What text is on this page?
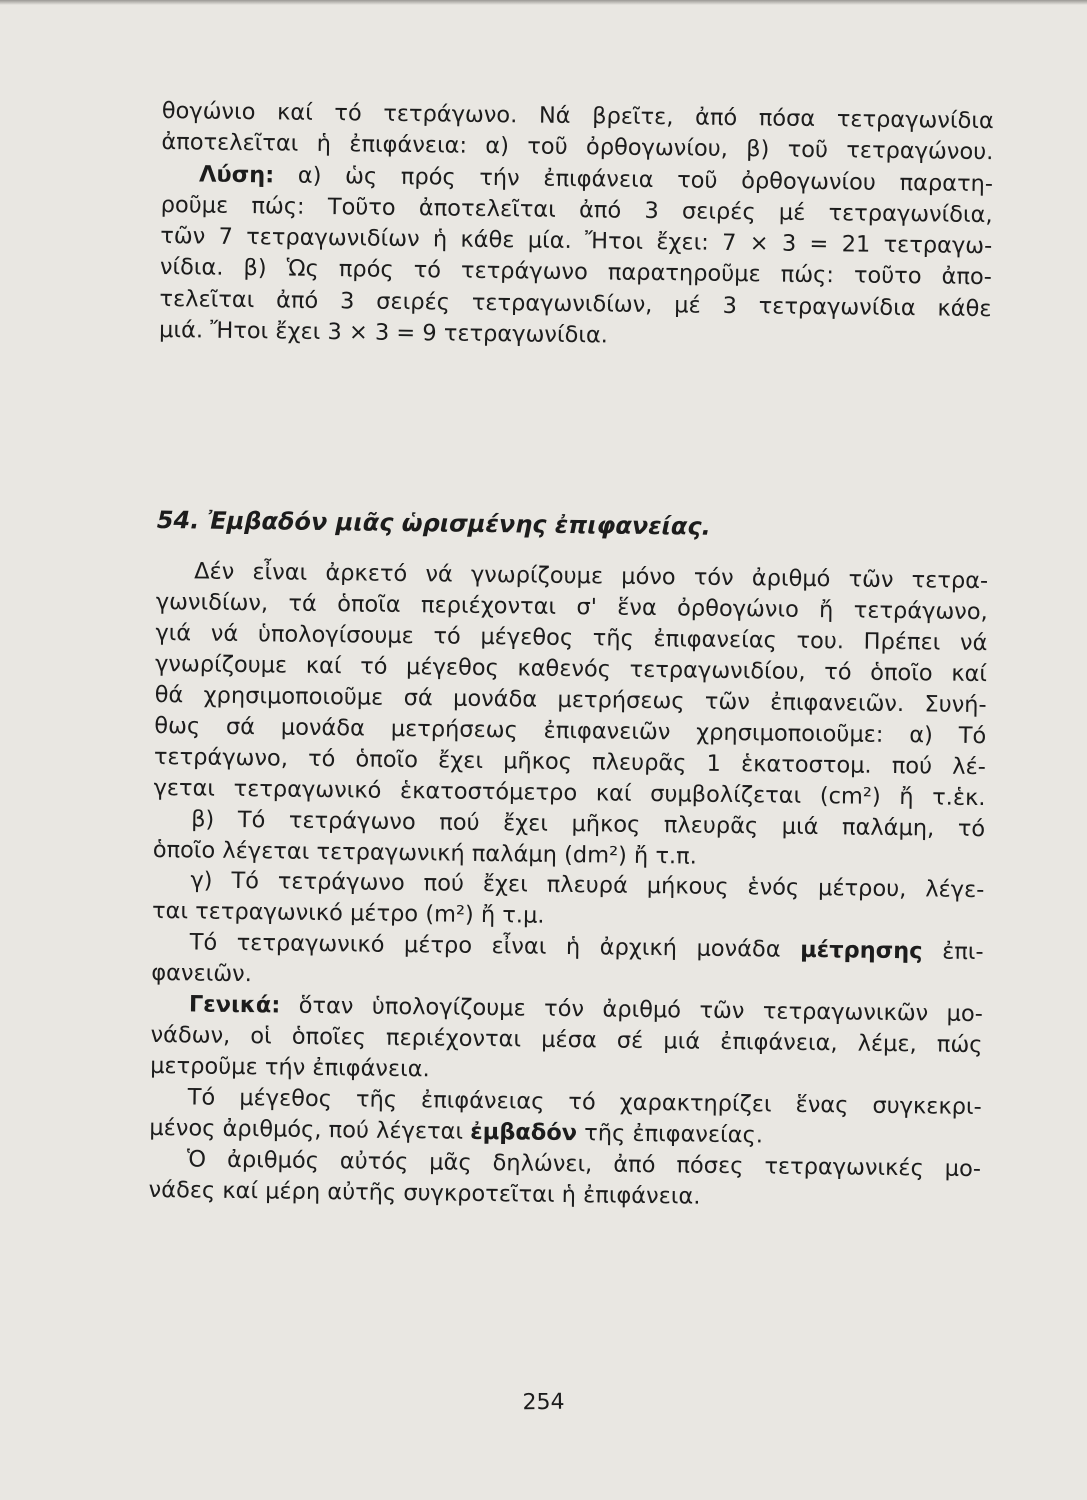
θογώνιο καί τό τετράγωνο. Νά βρεῖτε, ἀπό πόσα τετραγωνίδια

ἀποτελεῖται ἡ ἐπιφάνεια: α) τοῦ ὀρθογωνίου, β) τοῦ τετραγώνου.

Λύση: α) ὡς πρός τήν ἐπιφάνεια τοῦ ὀρθογωνίου παρατη-

ροῦμε πώς: Τοῦτο ἀποτελεῖται ἀπό 3 σειρές μέ τετραγωνίδια,

τῶν 7 τετραγωνιδίων ἡ κάθε μία. Ἤτοι ἔχει: 7 × 3 = 21 τετραγω-

νίδια. β) Ὡς πρός τό τετράγωνο παρατηροῦμε πώς: τοῦτο ἀπο-

τελεῖται ἀπό 3 σειρές τετραγωνιδίων, μέ 3 τετραγωνίδια κάθε

μιά. Ἤτοι ἔχει 3 × 3 = 9 τετραγωνίδια.

54. Ἐμβαδόν μιᾶς ὡρισμένης ἐπιφανείας.

Δέν εἶναι ἀρκετό νά γνωρίζουμε μόνο τόν ἀριθμό τῶν τετρα-

γωνιδίων, τά ὁποῖα περιέχονται σ' ἕνα ὀρθογώνιο ἤ τετράγωνο,

γιά νά ὑπολογίσουμε τό μέγεθος τῆς ἐπιφανείας του. Πρέπει νά

γνωρίζουμε καί τό μέγεθος καθενός τετραγωνιδίου, τό ὁποῖο καί

θά χρησιμοποιοῦμε σά μονάδα μετρήσεως τῶν ἐπιφανειῶν. Συνή-

θως σά μονάδα μετρήσεως ἐπιφανειῶν χρησιμοποιοῦμε: α) Τό

τετράγωνο, τό ὁποῖο ἔχει μῆκος πλευρᾶς 1 ἑκατοστομ. πού λέ-

γεται τετραγωνικό ἑκατοστόμετρο καί συμβολίζεται (cm²) ἤ τ.ἑκ.

β) Τό τετράγωνο πού ἔχει μῆκος πλευρᾶς μιά παλάμη, τό

ὁποῖο λέγεται τετραγωνική παλάμη (dm²) ἤ τ.π.

γ) Τό τετράγωνο πού ἔχει πλευρά μήκους ἑνός μέτρου, λέγε-

ται τετραγωνικό μέτρο (m²) ἤ τ.μ.

Τό τετραγωνικό μέτρο εἶναι ἡ ἀρχική μονάδα μέτρησης ἐπι-

φανειῶν.

Γενικά: ὅταν ὑπολογίζουμε τόν ἀριθμό τῶν τετραγωνικῶν μο-

νάδων, οἱ ὁποῖες περιέχονται μέσα σέ μιά ἐπιφάνεια, λέμε, πώς

μετροῦμε τήν ἐπιφάνεια.

Τό μέγεθος τῆς ἐπιφάνειας τό χαρακτηρίζει ἕνας συγκεκρι-

μένος ἀριθμός, πού λέγεται ἐμβαδόν τῆς ἐπιφανείας.

Ὁ ἀριθμός αὐτός μᾶς δηλώνει, ἀπό πόσες τετραγωνικές μο-

νάδες καί μέρη αὐτῆς συγκροτεῖται ἡ ἐπιφάνεια.

254
